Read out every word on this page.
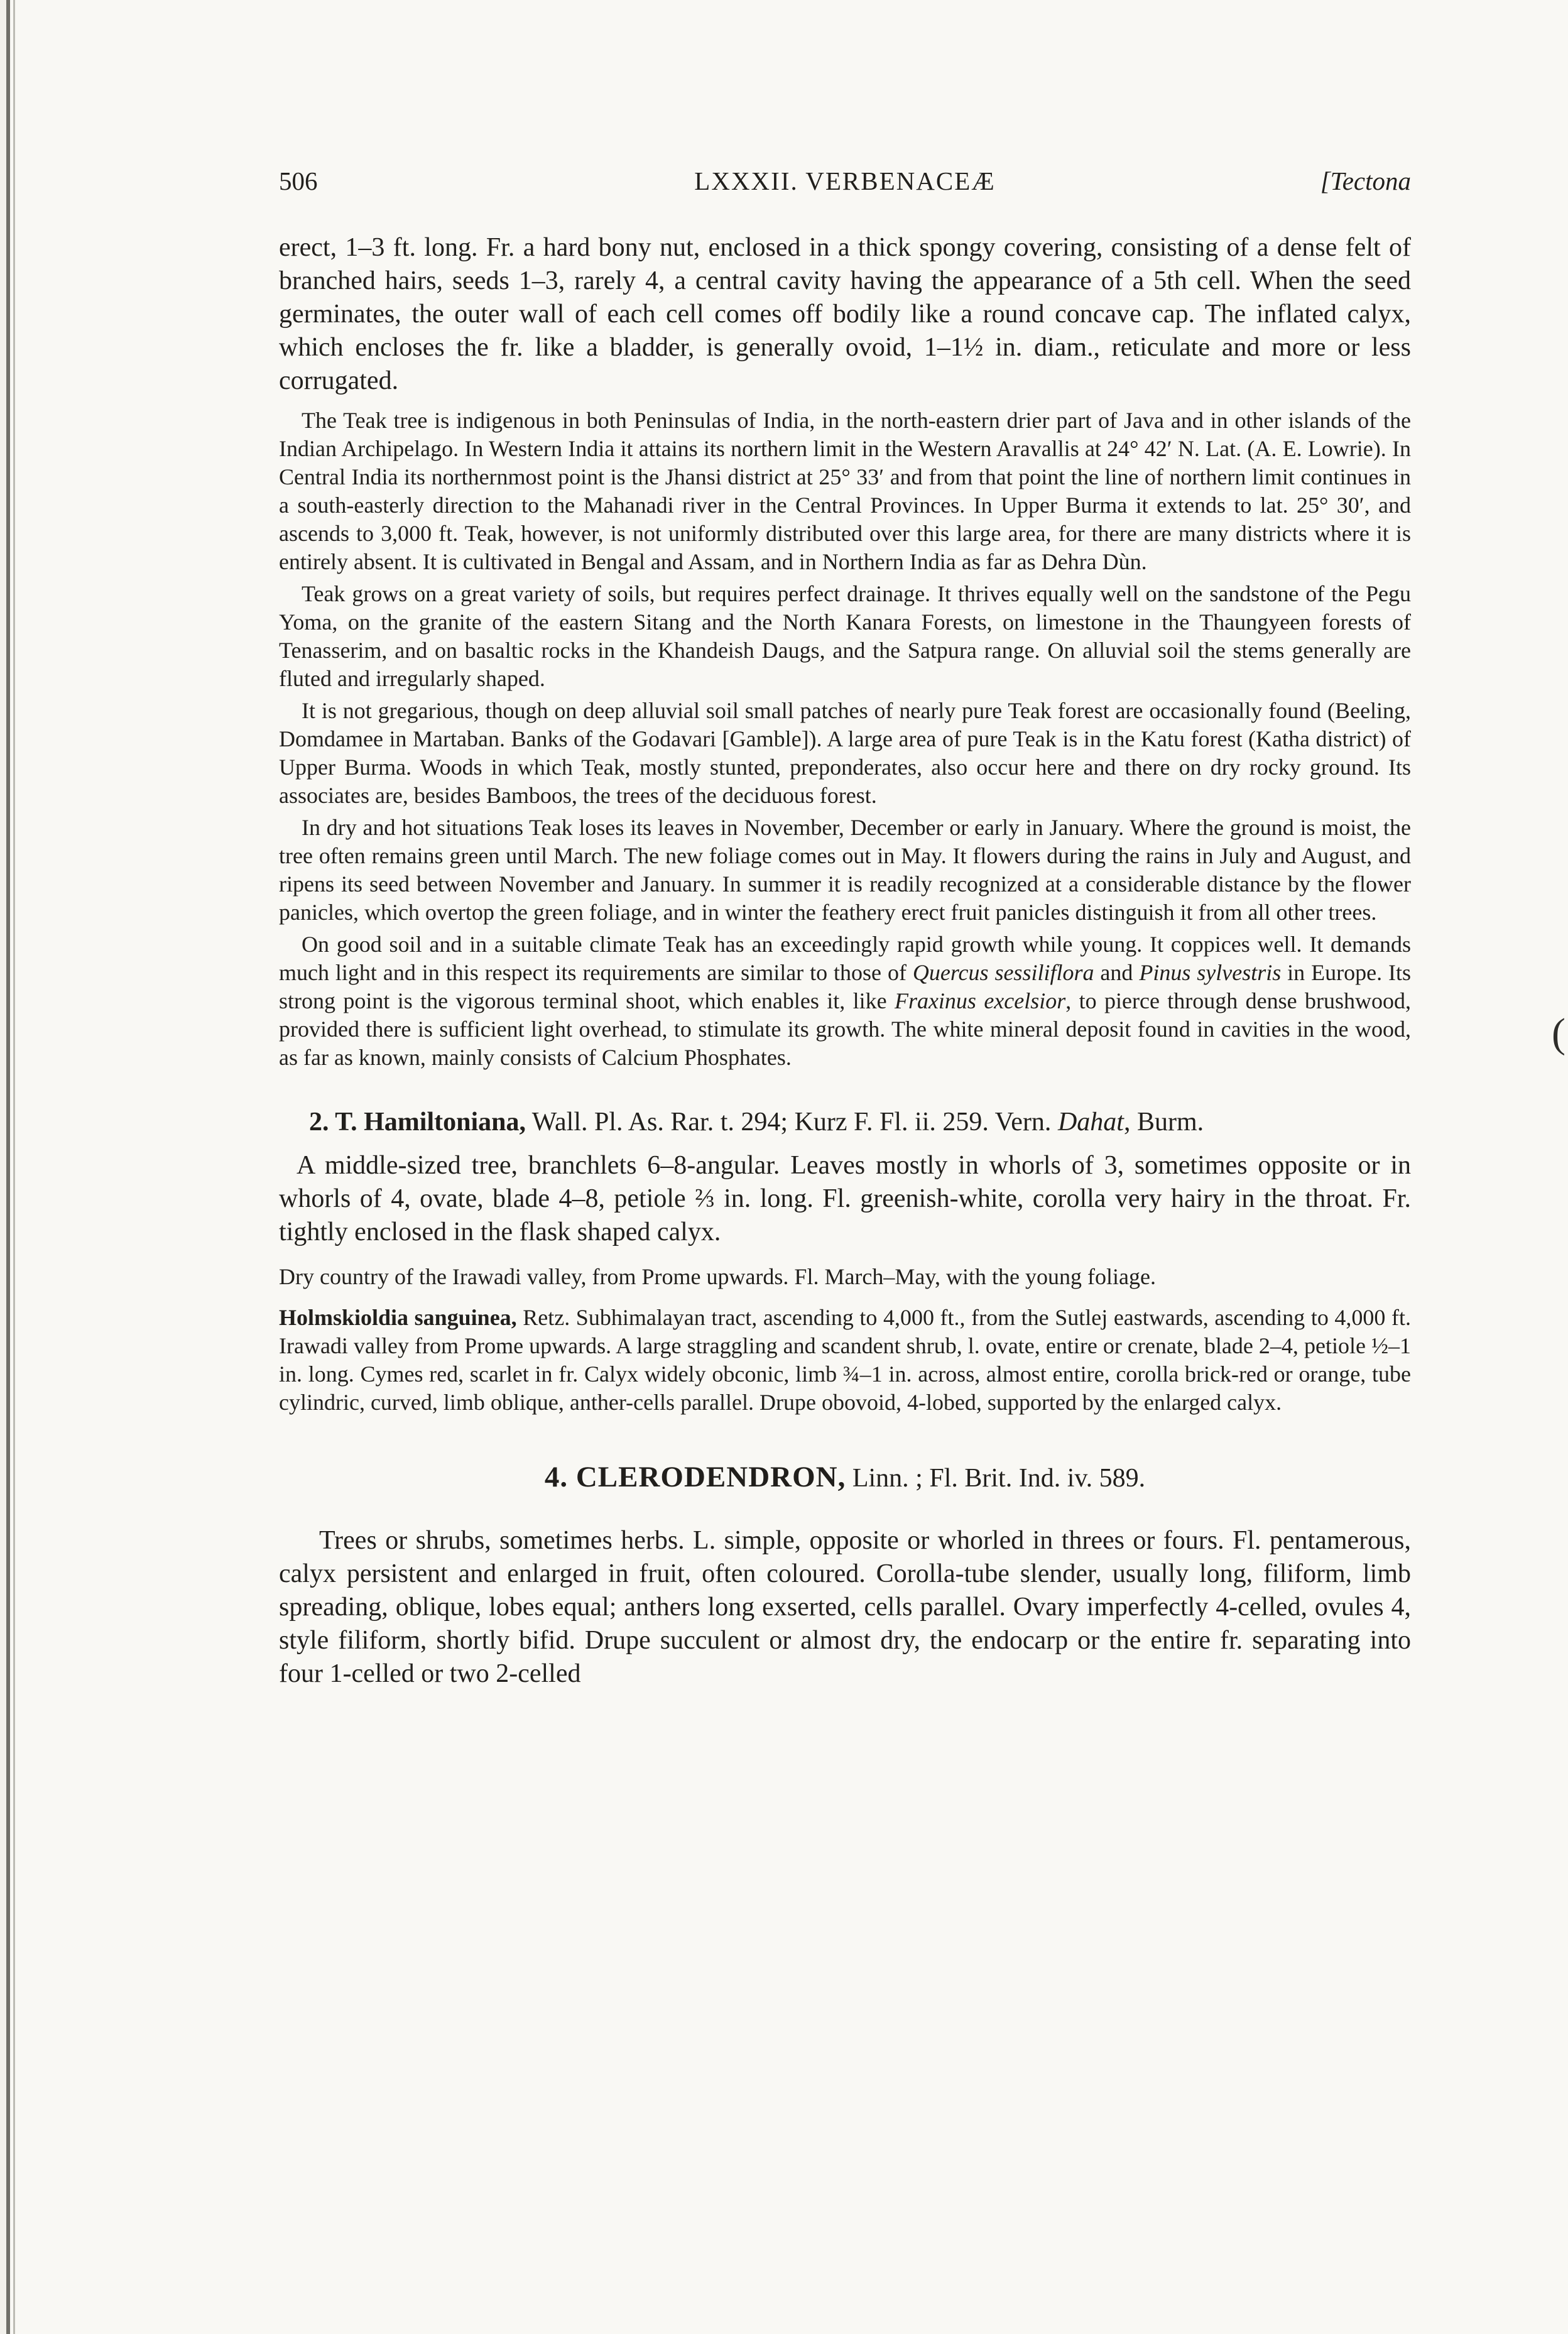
(
506	LXXXII. VERBENACEÆ	[Tectona

erect, 1–3 ft. long. Fr. a hard bony nut, enclosed in a thick spongy covering, consisting of a dense felt of branched hairs, seeds 1–3, rarely 4, a central cavity having the appearance of a 5th cell. When the seed germinates, the outer wall of each cell comes off bodily like a round concave cap. The inflated calyx, which encloses the fr. like a bladder, is generally ovoid, 1–1½ in. diam., reticulate and more or less corrugated.

The Teak tree is indigenous in both Peninsulas of India, in the north-eastern drier part of Java and in other islands of the Indian Archipelago. In Western India it attains its northern limit in the Western Aravallis at 24° 42′ N. Lat. (A. E. Lowrie). In Central India its northernmost point is the Jhansi district at 25° 33′ and from that point the line of northern limit continues in a south-easterly direction to the Mahanadi river in the Central Provinces. In Upper Burma it extends to lat. 25° 30′, and ascends to 3,000 ft. Teak, however, is not uniformly distributed over this large area, for there are many districts where it is entirely absent. It is cultivated in Bengal and Assam, and in Northern India as far as Dehra Dùn.

Teak grows on a great variety of soils, but requires perfect drainage. It thrives equally well on the sandstone of the Pegu Yoma, on the granite of the eastern Sitang and the North Kanara Forests, on limestone in the Thaungyeen forests of Tenasserim, and on basaltic rocks in the Khandeish Daugs, and the Satpura range. On alluvial soil the stems generally are fluted and irregularly shaped.

It is not gregarious, though on deep alluvial soil small patches of nearly pure Teak forest are occasionally found (Beeling, Domdamee in Martaban. Banks of the Godavari [Gamble]). A large area of pure Teak is in the Katu forest (Katha district) of Upper Burma. Woods in which Teak, mostly stunted, preponderates, also occur here and there on dry rocky ground. Its associates are, besides Bamboos, the trees of the deciduous forest.

In dry and hot situations Teak loses its leaves in November, December or early in January. Where the ground is moist, the tree often remains green until March. The new foliage comes out in May. It flowers during the rains in July and August, and ripens its seed between November and January. In summer it is readily recognized at a considerable distance by the flower panicles, which overtop the green foliage, and in winter the feathery erect fruit panicles distinguish it from all other trees.

On good soil and in a suitable climate Teak has an exceedingly rapid growth while young. It coppices well. It demands much light and in this respect its requirements are similar to those of Quercus sessiliflora and Pinus sylvestris in Europe. Its strong point is the vigorous terminal shoot, which enables it, like Fraxinus excelsior, to pierce through dense brushwood, provided there is sufficient light overhead, to stimulate its growth. The white mineral deposit found in cavities in the wood, as far as known, mainly consists of Calcium Phosphates.

2. T. Hamiltoniana, Wall. Pl. As. Rar. t. 294; Kurz F. Fl. ii. 259. Vern. Dahat, Burm.

A middle-sized tree, branchlets 6–8-angular. Leaves mostly in whorls of 3, sometimes opposite or in whorls of 4, ovate, blade 4–8, petiole ⅔ in. long. Fl. greenish-white, corolla very hairy in the throat. Fr. tightly enclosed in the flask shaped calyx.

Dry country of the Irawadi valley, from Prome upwards. Fl. March–May, with the young foliage.

Holmskioldia sanguinea, Retz. Subhimalayan tract, ascending to 4,000 ft., from the Sutlej eastwards, ascending to 4,000 ft. Irawadi valley from Prome upwards. A large straggling and scandent shrub, l. ovate, entire or crenate, blade 2–4, petiole ½–1 in. long. Cymes red, scarlet in fr. Calyx widely obconic, limb ¾–1 in. across, almost entire, corolla brick-red or orange, tube cylindric, curved, limb oblique, anther-cells parallel. Drupe obovoid, 4-lobed, supported by the enlarged calyx.

4. CLERODENDRON, Linn. ; Fl. Brit. Ind. iv. 589.

Trees or shrubs, sometimes herbs. L. simple, opposite or whorled in threes or fours. Fl. pentamerous, calyx persistent and enlarged in fruit, often coloured. Corolla-tube slender, usually long, filiform, limb spreading, oblique, lobes equal; anthers long exserted, cells parallel. Ovary imperfectly 4-celled, ovules 4, style filiform, shortly bifid. Drupe succulent or almost dry, the endocarp or the entire fr. separating into four 1-celled or two 2-celled
